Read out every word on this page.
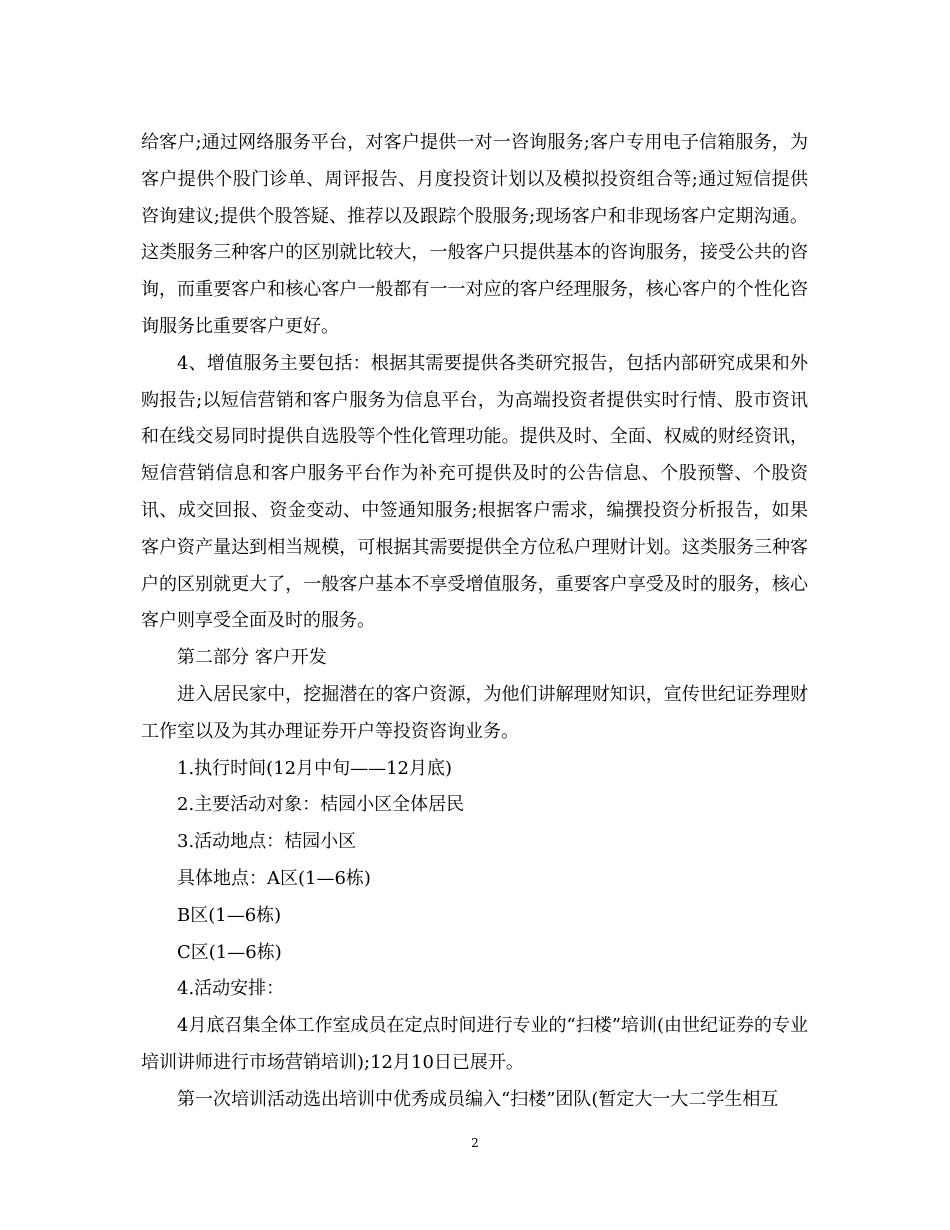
给客户;通过网络服务平台，对客户提供一对一咨询服务;客户专用电子信箱服务，为客户提供个股门诊单、周评报告、月度投资计划以及模拟投资组合等;通过短信提供咨询建议;提供个股答疑、推荐以及跟踪个股服务;现场客户和非现场客户定期沟通。这类服务三种客户的区别就比较大，一般客户只提供基本的咨询服务，接受公共的咨询，而重要客户和核心客户一般都有一一对应的客户经理服务，核心客户的个性化咨询服务比重要客户更好。

4、增值服务主要包括：根据其需要提供各类研究报告，包括内部研究成果和外购报告;以短信营销和客户服务为信息平台，为高端投资者提供实时行情、股市资讯和在线交易同时提供自选股等个性化管理功能。提供及时、全面、权威的财经资讯，短信营销信息和客户服务平台作为补充可提供及时的公告信息、个股预警、个股资讯、成交回报、资金变动、中签通知服务;根据客户需求，编撰投资分析报告，如果客户资产量达到相当规模，可根据其需要提供全方位私户理财计划。这类服务三种客户的区别就更大了，一般客户基本不享受增值服务，重要客户享受及时的服务，核心客户则享受全面及时的服务。

第二部分 客户开发

进入居民家中，挖掘潜在的客户资源，为他们讲解理财知识，宣传世纪证券理财工作室以及为其办理证券开户等投资咨询业务。

1.执行时间(12月中旬——12月底)

2.主要活动对象：桔园小区全体居民

3.活动地点：桔园小区

具体地点：A区(1—6栋)

B区(1—6栋)

C区(1—6栋)

4.活动安排：

4月底召集全体工作室成员在定点时间进行专业的“扫楼”培训(由世纪证券的专业培训讲师进行市场营销培训);12月10日已展开。

第一次培训活动选出培训中优秀成员编入“扫楼”团队(暂定大一大二学生相互

2
